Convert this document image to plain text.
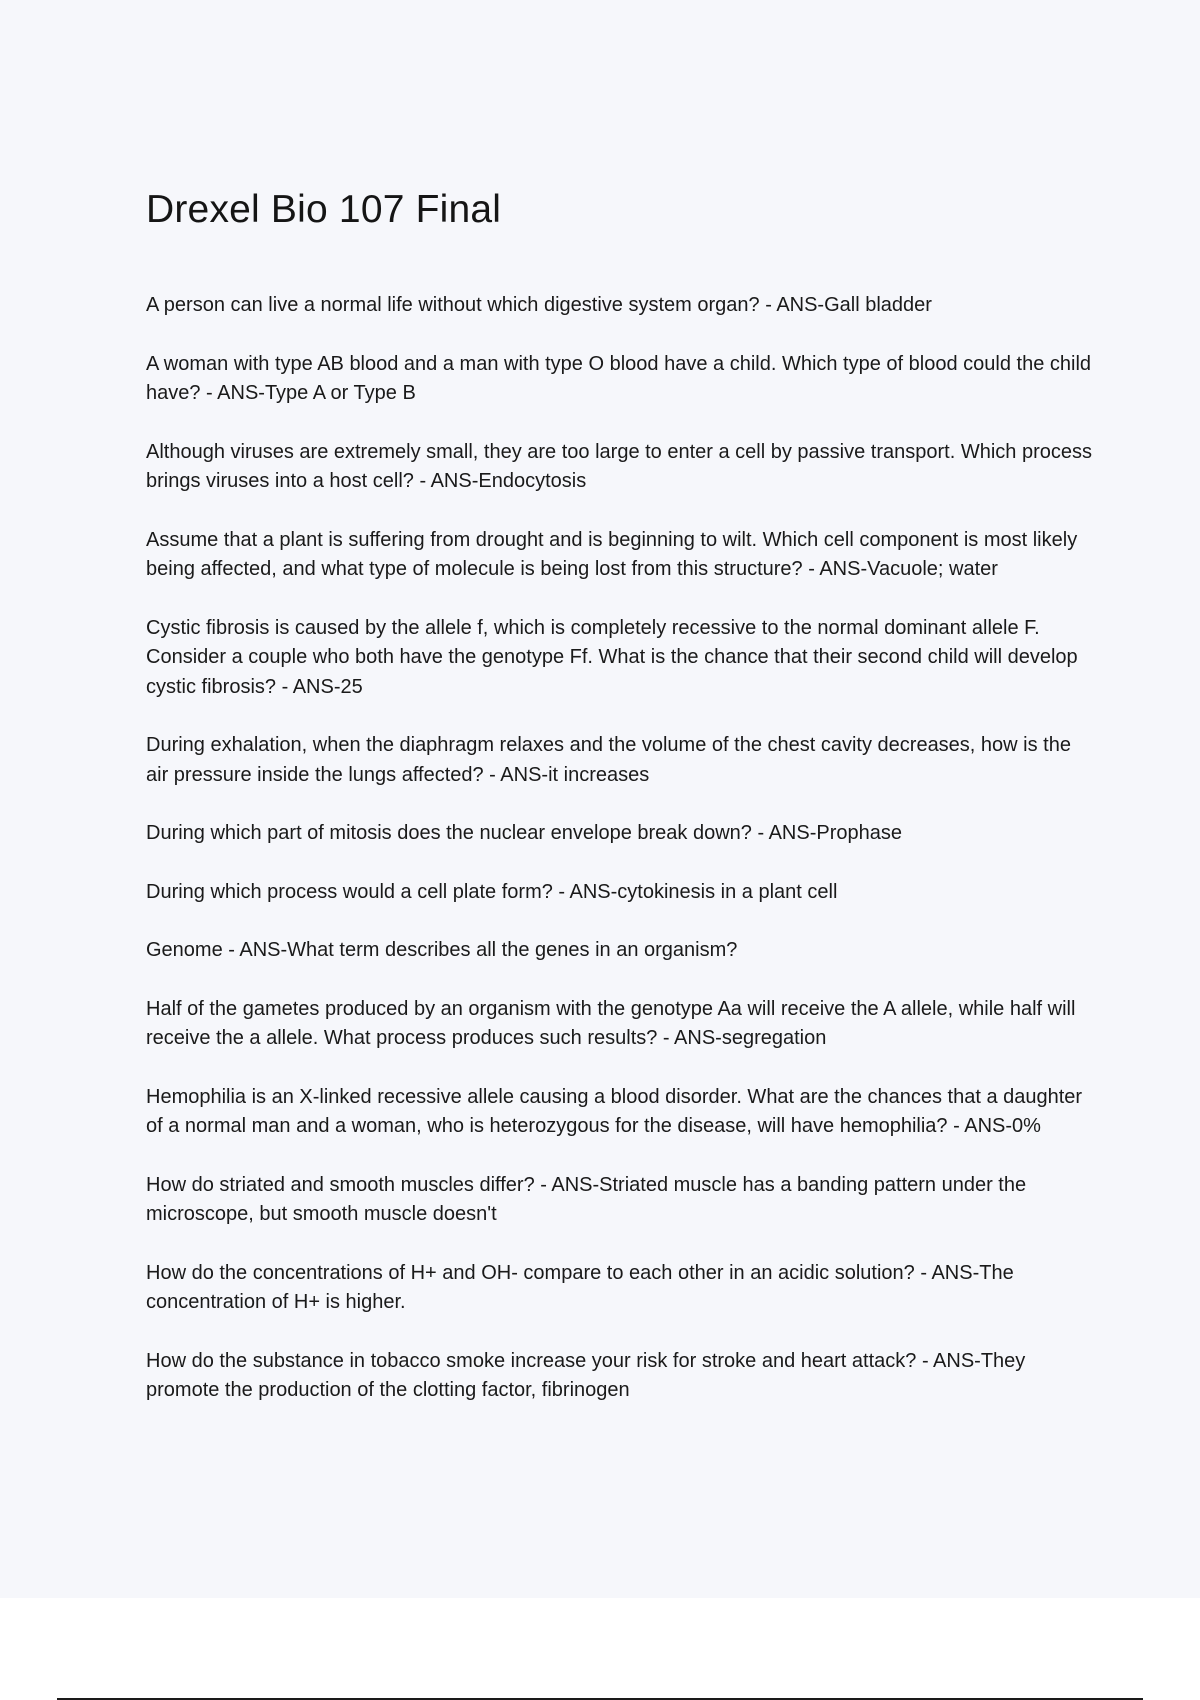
Drexel Bio 107 Final
A person can live a normal life without which digestive system organ? - ANS-Gall bladder
A woman with type AB blood and a man with type O blood have a child. Which type of blood could the child have? - ANS-Type A or Type B
Although viruses are extremely small, they are too large to enter a cell by passive transport. Which process brings viruses into a host cell? - ANS-Endocytosis
Assume that a plant is suffering from drought and is beginning to wilt. Which cell component is most likely being affected, and what type of molecule is being lost from this structure? - ANS-Vacuole; water
Cystic fibrosis is caused by the allele f, which is completely recessive to the normal dominant allele F. Consider a couple who both have the genotype Ff. What is the chance that their second child will develop cystic fibrosis? - ANS-25
During exhalation, when the diaphragm relaxes and the volume of the chest cavity decreases, how is the air pressure inside the lungs affected? - ANS-it increases
During which part of mitosis does the nuclear envelope break down? - ANS-Prophase
During which process would a cell plate form? - ANS-cytokinesis in a plant cell
Genome - ANS-What term describes all the genes in an organism?
Half of the gametes produced by an organism with the genotype Aa will receive the A allele, while half will receive the a allele. What process produces such results? - ANS-segregation
Hemophilia is an X-linked recessive allele causing a blood disorder. What are the chances that a daughter of a normal man and a woman, who is heterozygous for the disease, will have hemophilia? - ANS-0%
How do striated and smooth muscles differ? - ANS-Striated muscle has a banding pattern under the microscope, but smooth muscle doesn't
How do the concentrations of H+ and OH- compare to each other in an acidic solution? - ANS-The concentration of H+ is higher.
How do the substance in tobacco smoke increase your risk for stroke and heart attack? - ANS-They promote the production of the clotting factor, fibrinogen
